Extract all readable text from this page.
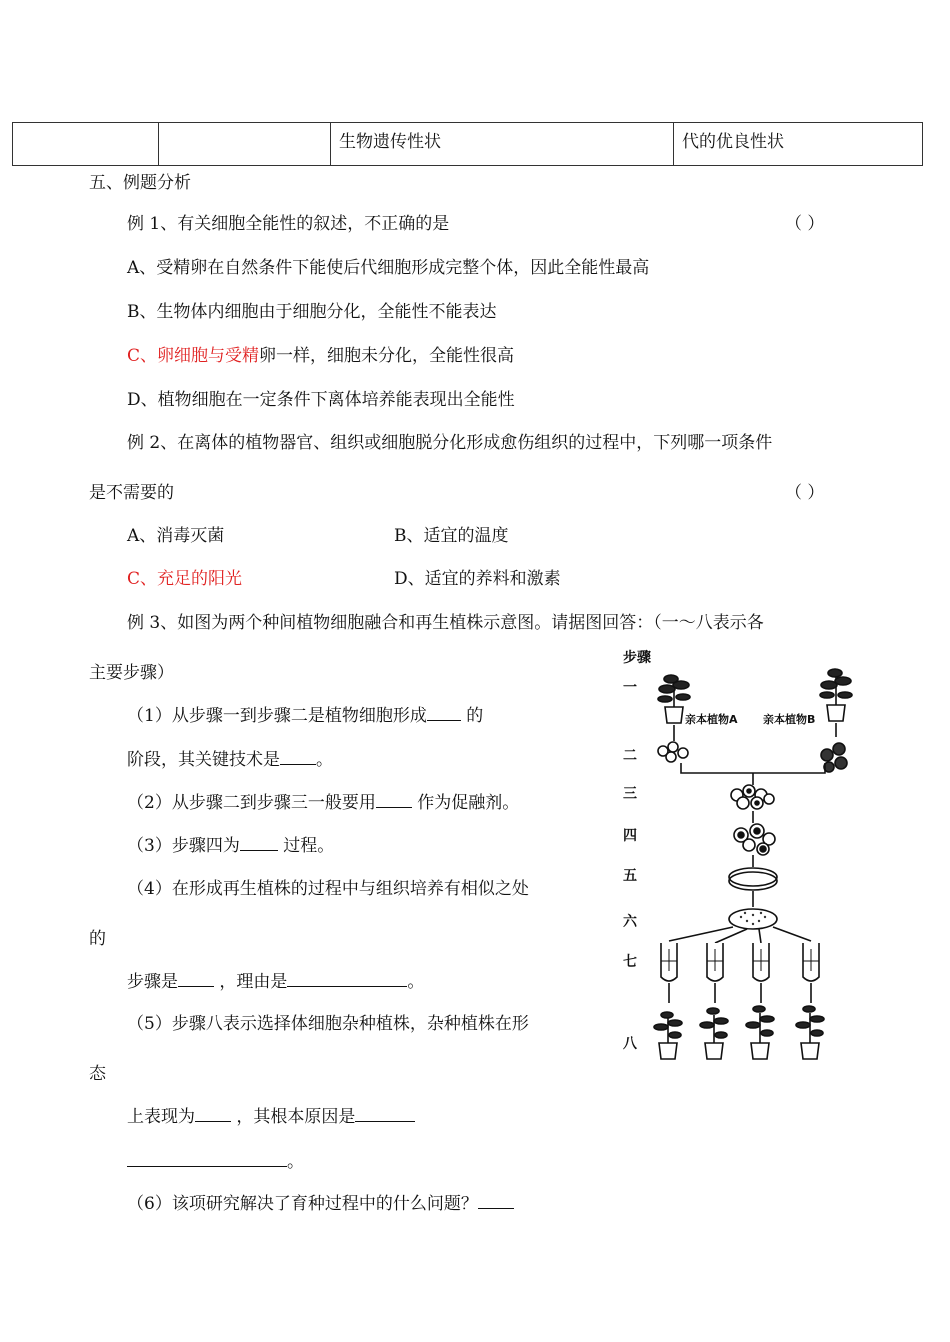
		生物遗传性状	代的优良性状
五、例题分析
例 1、有关细胞全能性的叙述，不正确的是	（ ）
A、受精卵在自然条件下能使后代细胞形成完整个体，因此全能性最高
B、生物体内细胞由于细胞分化，全能性不能表达
C、卵细胞与受精卵一样，细胞未分化，全能性很高
D、植物细胞在一定条件下离体培养能表现出全能性
例 2、在离体的植物器官、组织或细胞脱分化形成愈伤组织的过程中，下列哪一项条件
是不需要的	（ ）
A、消毒灭菌	B、适宜的温度
C、充足的阳光	D、适宜的养料和激素
例 3、如图为两个种间植物细胞融合和再生植株示意图。请据图回答：（一～八表示各
主要步骤）
（1）从步骤一到步骤二是植物细胞形成 的
阶段，其关键技术是 。
（2）从步骤二到步骤三一般要用 作为促融剂。
（3）步骤四为	过程。
（4）在形成再生植株的过程中与组织培养有相似之处
的
步骤是 ，理由是	。
（5）步骤八表示选择体细胞杂种植株，杂种植株在形
态
上表现为 ，其根本原因是
。
（6）该项研究解决了育种过程中的什么问题？
步骤
一
二
三
四
五
六
七
八
亲本植物A 亲本植物B
